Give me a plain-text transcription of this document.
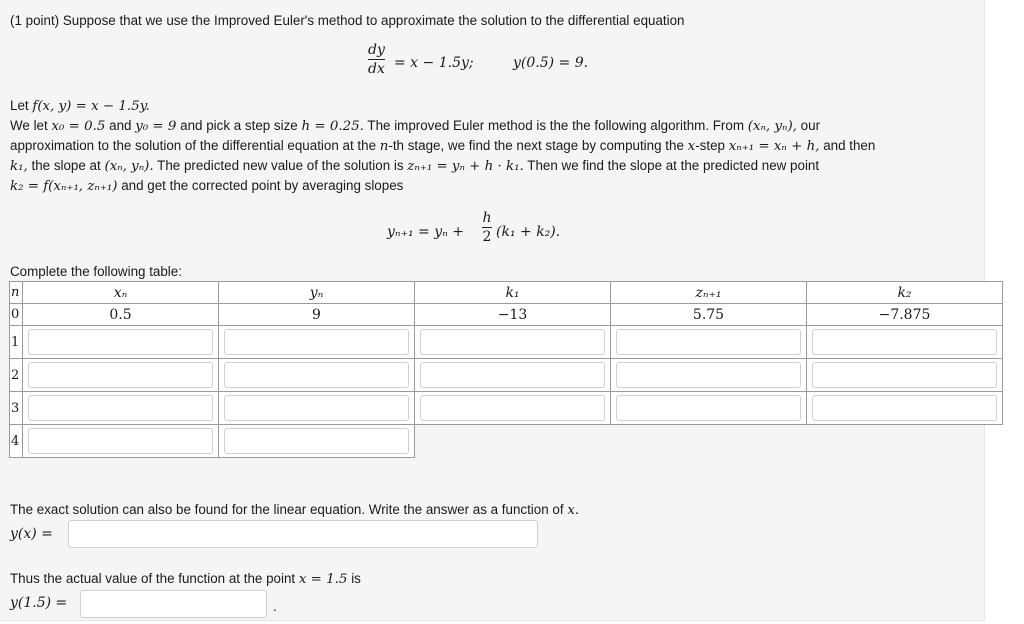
(1 point) Suppose that we use the Improved Euler's method to approximate the solution to the differential equation
dy
dx = x − 1.5y;	y(0.5) = 9.
Let f(x, y) = x − 1.5y.
We let x₀ = 0.5 and y₀ = 9 and pick a step size h = 0.25. The improved Euler method is the the following algorithm. From (xₙ, yₙ), our
approximation to the solution of the differential equation at the n-th stage, we find the next stage by computing the x-step xₙ₊₁ = xₙ + h, and then
k₁, the slope at (xₙ, yₙ). The predicted new value of the solution is zₙ₊₁ = yₙ + h · k₁. Then we find the slope at the predicted new point
k₂ = f(xₙ₊₁, zₙ₊₁) and get the corrected point by averaging slopes
yₙ₊₁ = yₙ +
h
2 (k₁ + k₂).
Complete the following table:
n	xₙ	yₙ	k₁	zₙ₊₁	k₂
0	0.5	9	−13	5.75	−7.875
1	

2	

3	

4	

The exact solution can also be found for the linear equation. Write the answer as a function of x.
y(x) =
Thus the actual value of the function at the point x = 1.5 is
y(1.5) =	.
